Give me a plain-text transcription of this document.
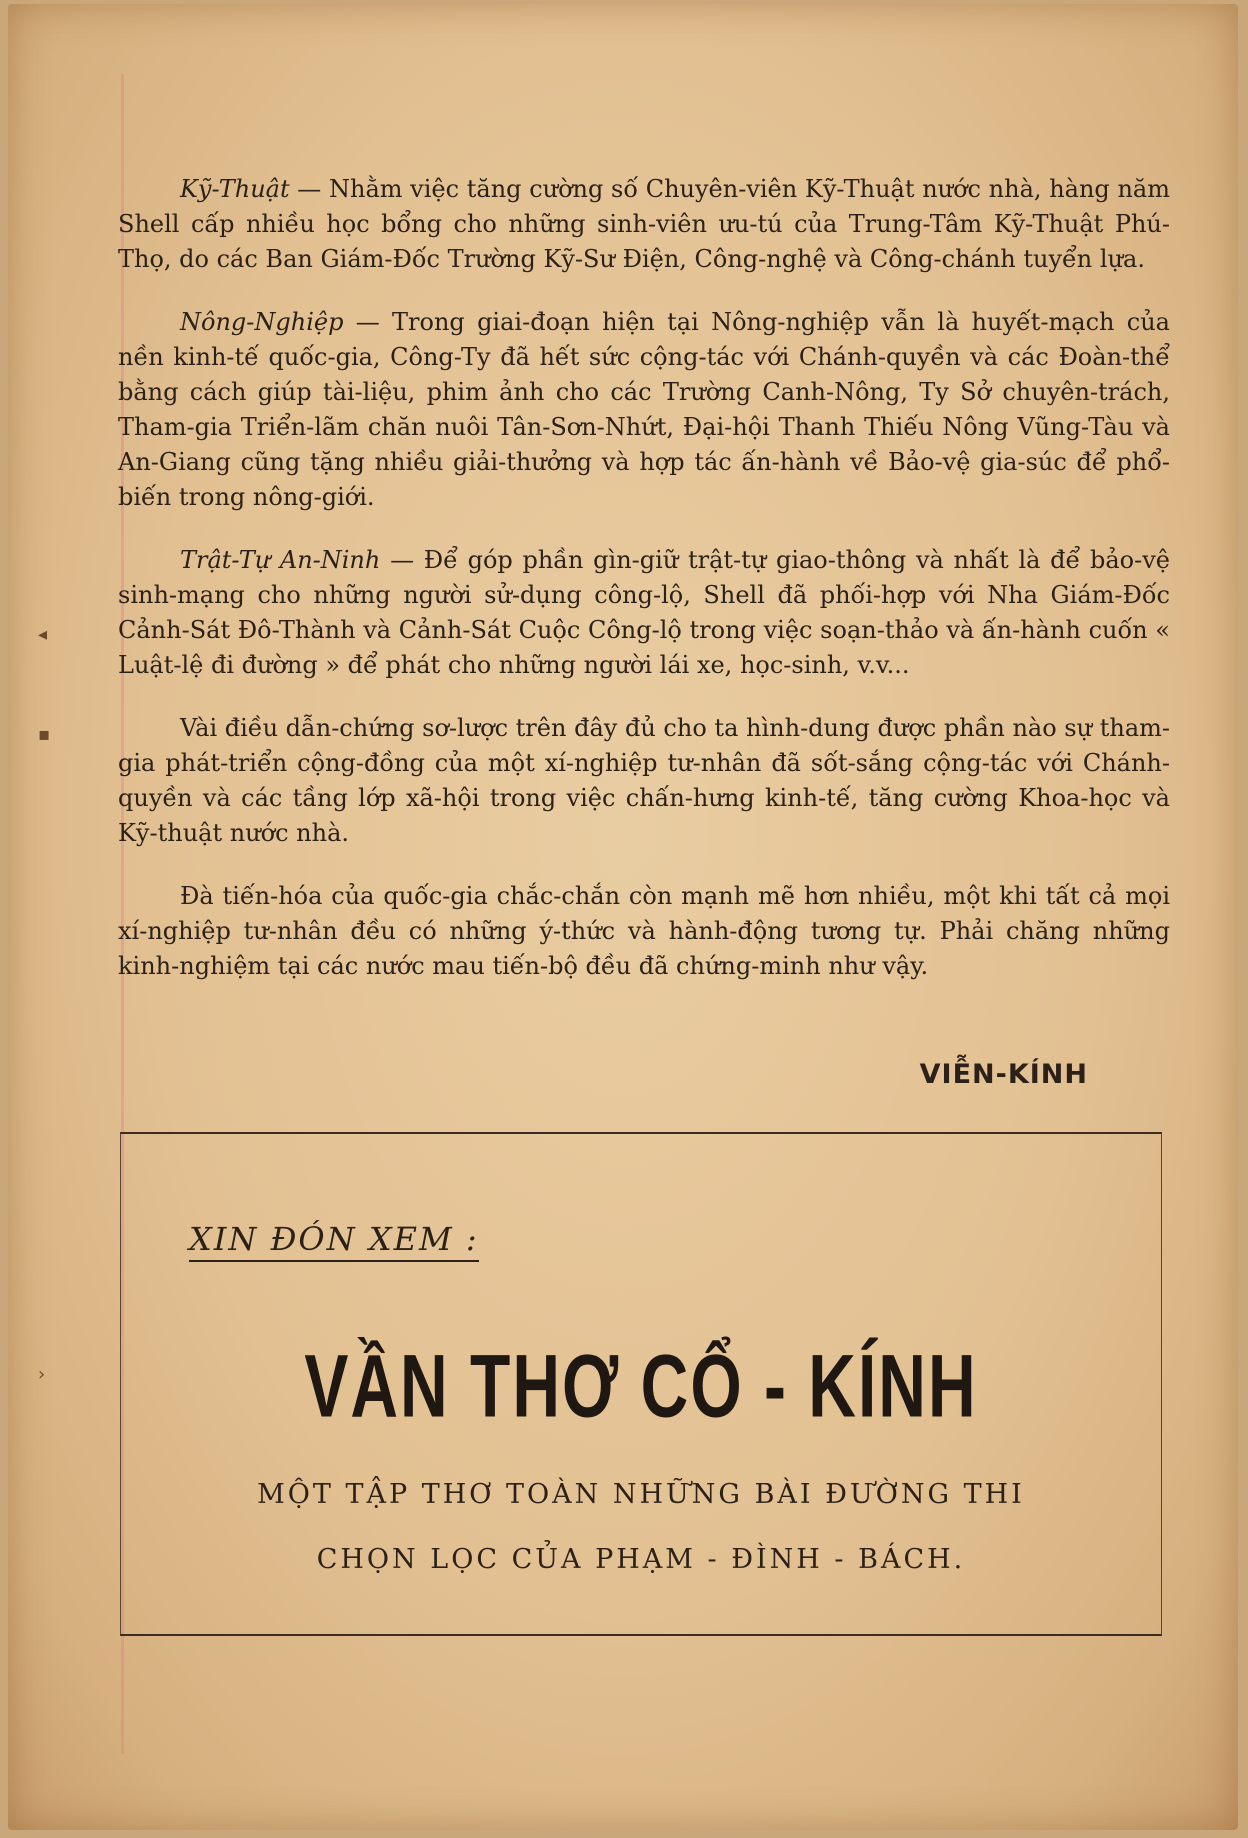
◂
▪
›

Kỹ-Thuật — Nhằm việc tăng cường số Chuyên-viên Kỹ-Thuật nước nhà, hàng năm Shell cấp nhiều học bổng cho những sinh-viên ưu-tú của Trung-Tâm Kỹ-Thuật Phú-Thọ, do các Ban Giám-Đốc Trường Kỹ-Sư Điện, Công-nghệ và Công-chánh tuyển lựa.

Nông-Nghiệp — Trong giai-đoạn hiện tại Nông-nghiệp vẫn là huyết-mạch của nền kinh-tế quốc-gia, Công-Ty đã hết sức cộng-tác với Chánh-quyền và các Đoàn-thể bằng cách giúp tài-liệu, phim ảnh cho các Trường Canh-Nông, Ty Sở chuyên-trách, Tham-gia Triển-lãm chăn nuôi Tân-Sơn-Nhứt, Đại-hội Thanh Thiếu Nông Vũng-Tàu và An-Giang cũng tặng nhiều giải-thưởng và hợp tác ấn-hành về Bảo-vệ gia-súc để phổ-biến trong nông-giới.

Trật-Tự An-Ninh — Để góp phần gìn-giữ trật-tự giao-thông và nhất là để bảo-vệ sinh-mạng cho những người sử-dụng công-lộ, Shell đã phối-hợp với Nha Giám-Đốc Cảnh-Sát Đô-Thành và Cảnh-Sát Cuộc Công-lộ trong việc soạn-thảo và ấn-hành cuốn « Luật-lệ đi đường » để phát cho những người lái xe, học-sinh, v.v...

Vài điều dẫn-chứng sơ-lược trên đây đủ cho ta hình-dung được phần nào sự tham-gia phát-triển cộng-đồng của một xí-nghiệp tư-nhân đã sốt-sắng cộng-tác với Chánh-quyền và các tầng lớp xã-hội trong việc chấn-hưng kinh-tế, tăng cường Khoa-học và Kỹ-thuật nước nhà.

Đà tiến-hóa của quốc-gia chắc-chắn còn mạnh mẽ hơn nhiều, một khi tất cả mọi xí-nghiệp tư-nhân đều có những ý-thức và hành-động tương tự. Phải chăng những kinh-nghiệm tại các nước mau tiến-bộ đều đã chứng-minh như vậy.

VIỄN-KÍNH
XIN ĐÓN XEM :
VẦN THƠ CỔ - KÍNH
MỘT TẬP THƠ TOÀN NHỮNG BÀI ĐƯỜNG THI
CHỌN LỌC CỦA PHẠM - ĐÌNH - BÁCH.
